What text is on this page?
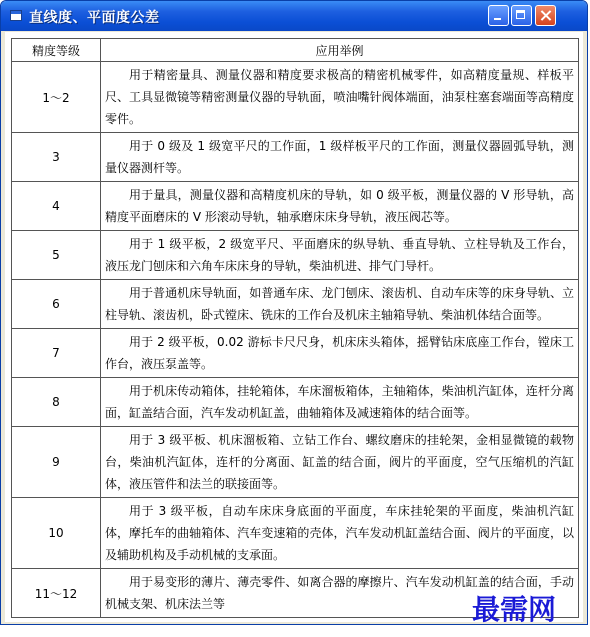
直线度、平面度公差
精度等级	应用举例
1～2	用于精密量具、测量仪器和精度要求极高的精密机械零件，如高精度量规、样板平尺、工具显微镜等精密测量仪器的导轨面，喷油嘴针阀体端面，油泵柱塞套端面等高精度零件。
3	用于 0 级及 1 级宽平尺的工作面，1 级样板平尺的工作面，测量仪器圆弧导轨，测量仪器测杆等。
4	用于量具，测量仪器和高精度机床的导轨，如 0 级平板，测量仪器的 V 形导轨，高精度平面磨床的 V 形滚动导轨，轴承磨床床身导轨，液压阀芯等。
5	用于 1 级平板，2 级宽平尺、平面磨床的纵导轨、垂直导轨、立柱导轨及工作台，液压龙门刨床和六角车床床身的导轨，柴油机进、排气门导杆。
6	用于普通机床导轨面，如普通车床、龙门刨床、滚齿机、自动车床等的床身导轨、立柱导轨、滚齿机，卧式镗床、铣床的工作台及机床主轴箱导轨、柴油机体结合面等。
7	用于 2 级平板，0.02 游标卡尺尺身，机床床头箱体，摇臂钻床底座工作台，镗床工作台，液压泵盖等。
8	用于机床传动箱体，挂轮箱体，车床溜板箱体，主轴箱体，柴油机汽缸体，连杆分离面，缸盖结合面，汽车发动机缸盖，曲轴箱体及减速箱体的结合面等。
9	用于 3 级平板、机床溜板箱、立钻工作台、螺纹磨床的挂轮架，金相显微镜的载物台，柴油机汽缸体，连杆的分离面、缸盖的结合面，阀片的平面度，空气压缩机的汽缸体，液压管件和法兰的联接面等。
10	用于 3 级平板，自动车床床身底面的平面度，车床挂轮架的平面度，柴油机汽缸体，摩托车的曲轴箱体、汽车变速箱的壳体，汽车发动机缸盖结合面、阀片的平面度，以及辅助机构及手动机械的支承面。
11～12	用于易变形的薄片、薄壳零件、如离合器的摩擦片、汽车发动机缸盖的结合面，手动机械支架、机床法兰等	最需网
